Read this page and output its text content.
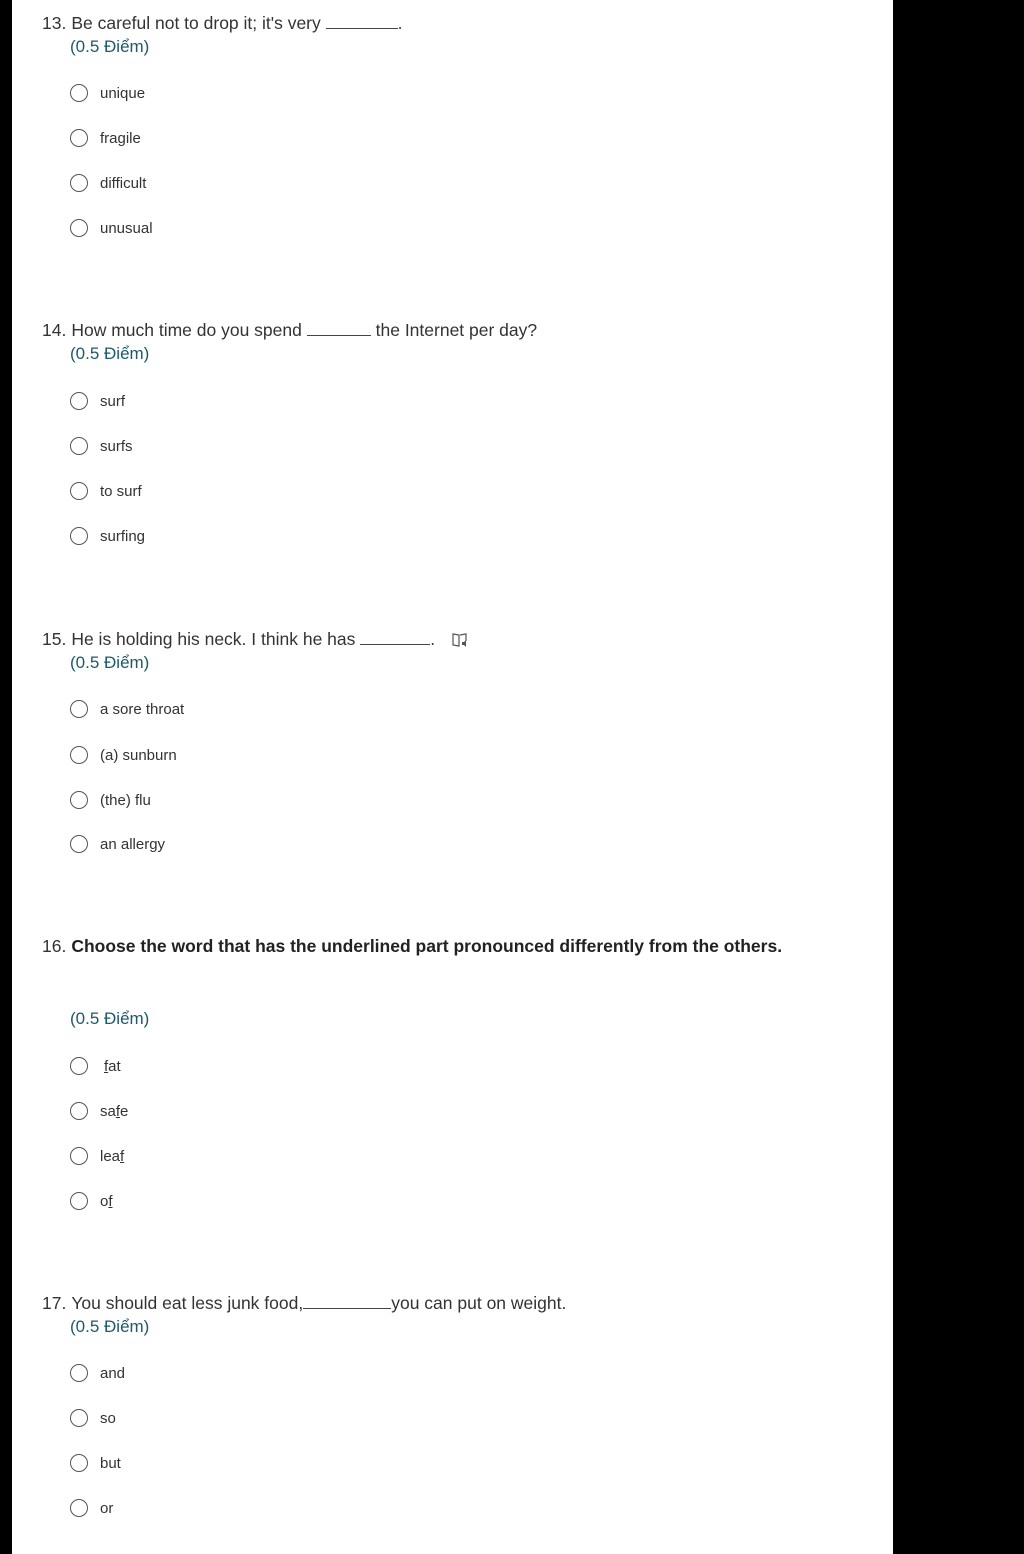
13. Be careful not to drop it; it's very	.
(0.5 Điểm)
unique
fragile
difficult
unusual
14. How much time do you spend	the Internet per day?
(0.5 Điểm)
surf
surfs
to surf
surfing
15. He is holding his neck. I think he has	.
(0.5 Điểm)
a sore throat
(a) sunburn
(the) flu
an allergy
16. Choose the word that has the underlined part pronounced differently from the others.
(0.5 Điểm)
fat
safe
leaf
of
17. You should eat less junk food,	you can put on weight.
(0.5 Điểm)
and
so
but
or
